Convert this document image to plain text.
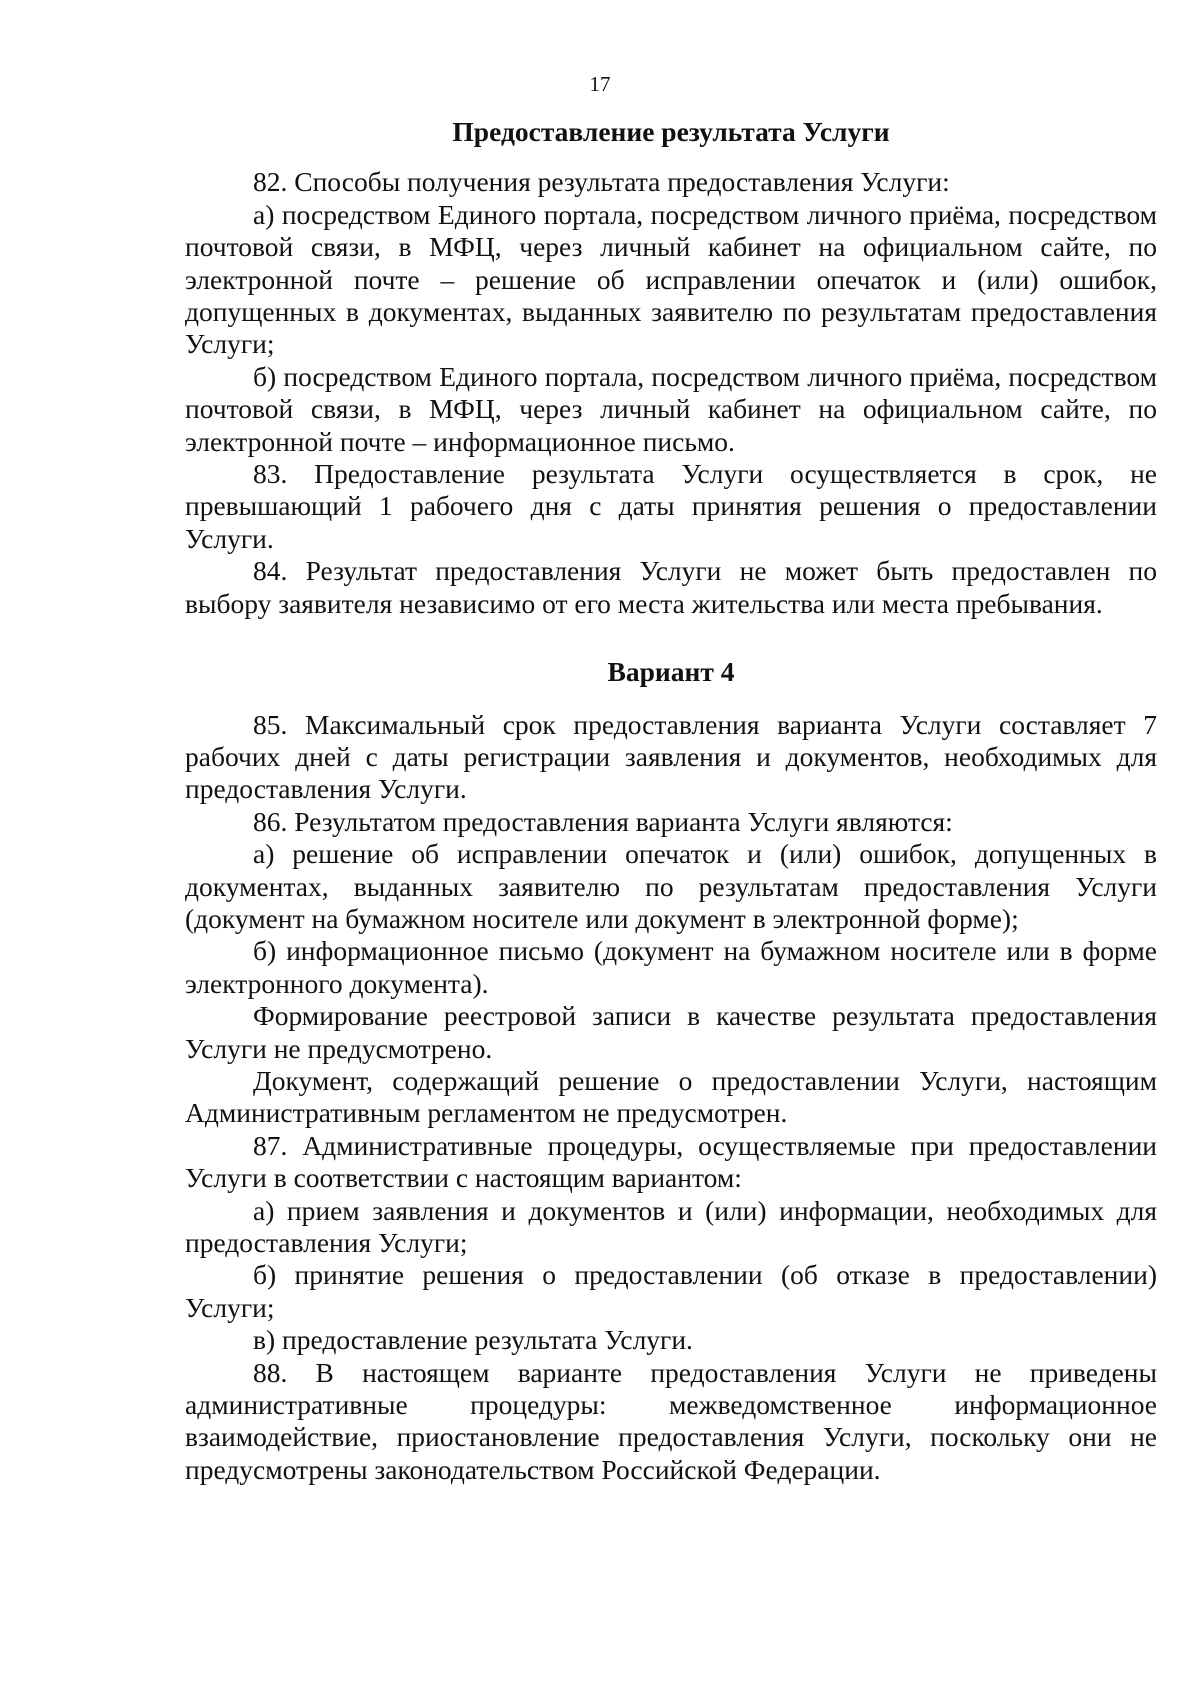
17
Предоставление результата Услуги

82. Способы получения результата предоставления Услуги:

а) посредством Единого портала, посредством личного приёма, посредством почтовой связи, в МФЦ, через личный кабинет на официальном сайте, по электронной почте – решение об исправлении опечаток и (или) ошибок, допущенных в документах, выданных заявителю по результатам предоставления Услуги;

б) посредством Единого портала, посредством личного приёма, посредством почтовой связи, в МФЦ, через личный кабинет на официальном сайте, по электронной почте – информационное письмо.

83. Предоставление результата Услуги осуществляется в срок, не превышающий 1 рабочего дня с даты принятия решения о предоставлении Услуги.

84. Результат предоставления Услуги не может быть предоставлен по выбору заявителя независимо от его места жительства или места пребывания.

Вариант 4

85. Максимальный срок предоставления варианта Услуги составляет 7 рабочих дней с даты регистрации заявления и документов, необходимых для предоставления Услуги.

86. Результатом предоставления варианта Услуги являются:

а) решение об исправлении опечаток и (или) ошибок, допущенных в документах, выданных заявителю по результатам предоставления Услуги (документ на бумажном носителе или документ в электронной форме);

б) информационное письмо (документ на бумажном носителе или в форме электронного документа).

Формирование реестровой записи в качестве результата предоставления Услуги не предусмотрено.

Документ, содержащий решение о предоставлении Услуги, настоящим Административным регламентом не предусмотрен.

87. Административные процедуры, осуществляемые при предоставлении Услуги в соответствии с настоящим вариантом:

а) прием заявления и документов и (или) информации, необходимых для предоставления Услуги;

б) принятие решения о предоставлении (об отказе в предоставлении) Услуги;

в) предоставление результата Услуги.

88. В настоящем варианте предоставления Услуги не приведены административные процедуры: межведомственное информационное взаимодействие, приостановление предоставления Услуги, поскольку они не предусмотрены законодательством Российской Федерации.
